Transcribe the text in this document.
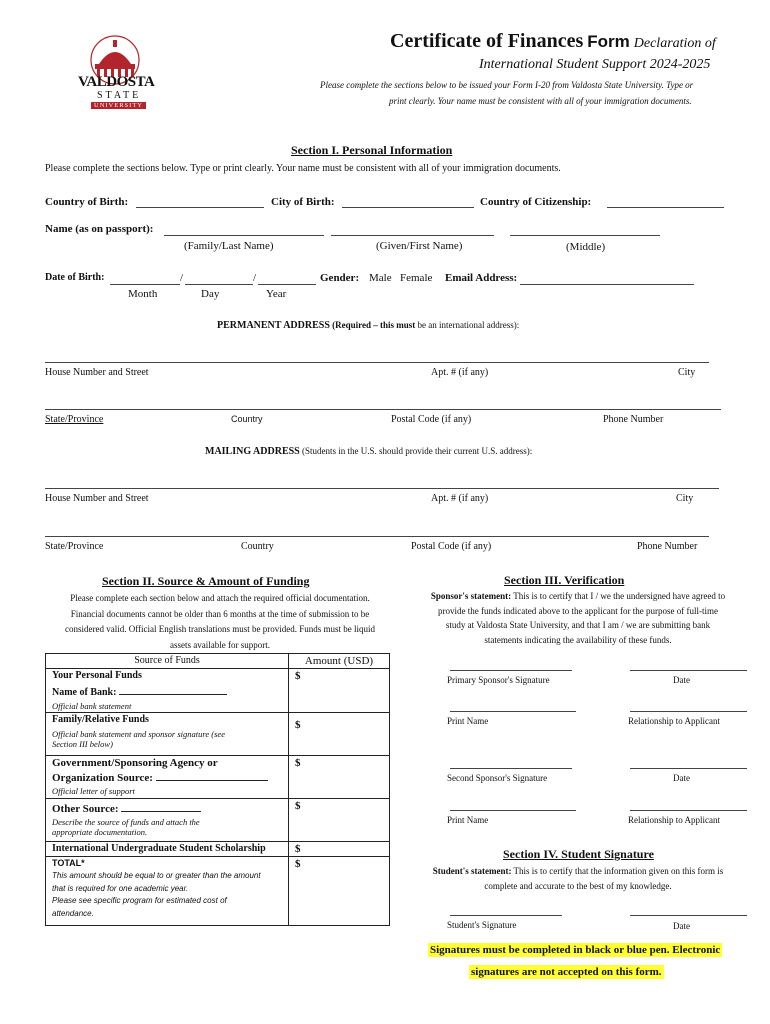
VALDOSTA
STATE
UNIVERSITY
Certificate of Finances Form Declaration of
International Student Support 2024-2025
Please complete the sections below to be issued your Form I-20 from Valdosta State University. Type or
print clearly. Your name must be consistent with all of your immigration documents.
Section I. Personal Information
Please complete the sections below. Type or print clearly. Your name must be consistent with all of your immigration documents.
Country of Birth:	City of Birth:	Country of Citizenship:
Name (as on passport):
(Family/Last Name)	(Given/First Name)	(Middle)
Date of Birth:	/	/	Gender: Male Female Email Address:
Month	Day	Year
PERMANENT ADDRESS (Required – this must be an international address):
House Number and Street	Apt. # (if any)	City
State/Province	Country	Postal Code (if any)	Phone Number
MAILING ADDRESS (Students in the U.S. should provide their current U.S. address):
House Number and Street	Apt. # (if any)	City
State/Province	Country	Postal Code (if any)	Phone Number
Section II. Source & Amount of Funding
Please complete each section below and attach the required official documentation.
Financial documents cannot be older than 6 months at the time of submission to be
considered valid. Official English translations must be provided. Funds must be liquid
assets available for support.
Source of Funds	Amount (USD)

Your Personal Funds
Name of Bank:
Official bank statement	$

Family/Relative Funds
Official bank statement and sponsor signature (see
Section III below)	$

Government/Sponsoring Agency or
Organization Source:
Official letter of support	$

Other Source:
Describe the source of funds and attach the
appropriate documentation.	$
International Undergraduate Student Scholarship	$

TOTAL*
This amount should be equal to or greater than the amount
that is required for one academic year.
Please see specific program for estimated cost of
attendance.	$
Section III. Verification
Sponsor's statement: This is to certify that I / we the undersigned have agreed to
provide the funds indicated above to the applicant for the purpose of full-time
study at Valdosta State University, and that I am / we are submitting bank
statements indicating the availability of these funds.
Primary Sponsor's Signature	Date
Print Name	Relationship to Applicant
Second Sponsor's Signature	Date
Print Name	Relationship to Applicant
Section IV. Student Signature
Student's statement: This is to certify that the information given on this form is
complete and accurate to the best of my knowledge.
Student's Signature	Date
Signatures must be completed in black or blue pen. Electronic
signatures are not accepted on this form.
